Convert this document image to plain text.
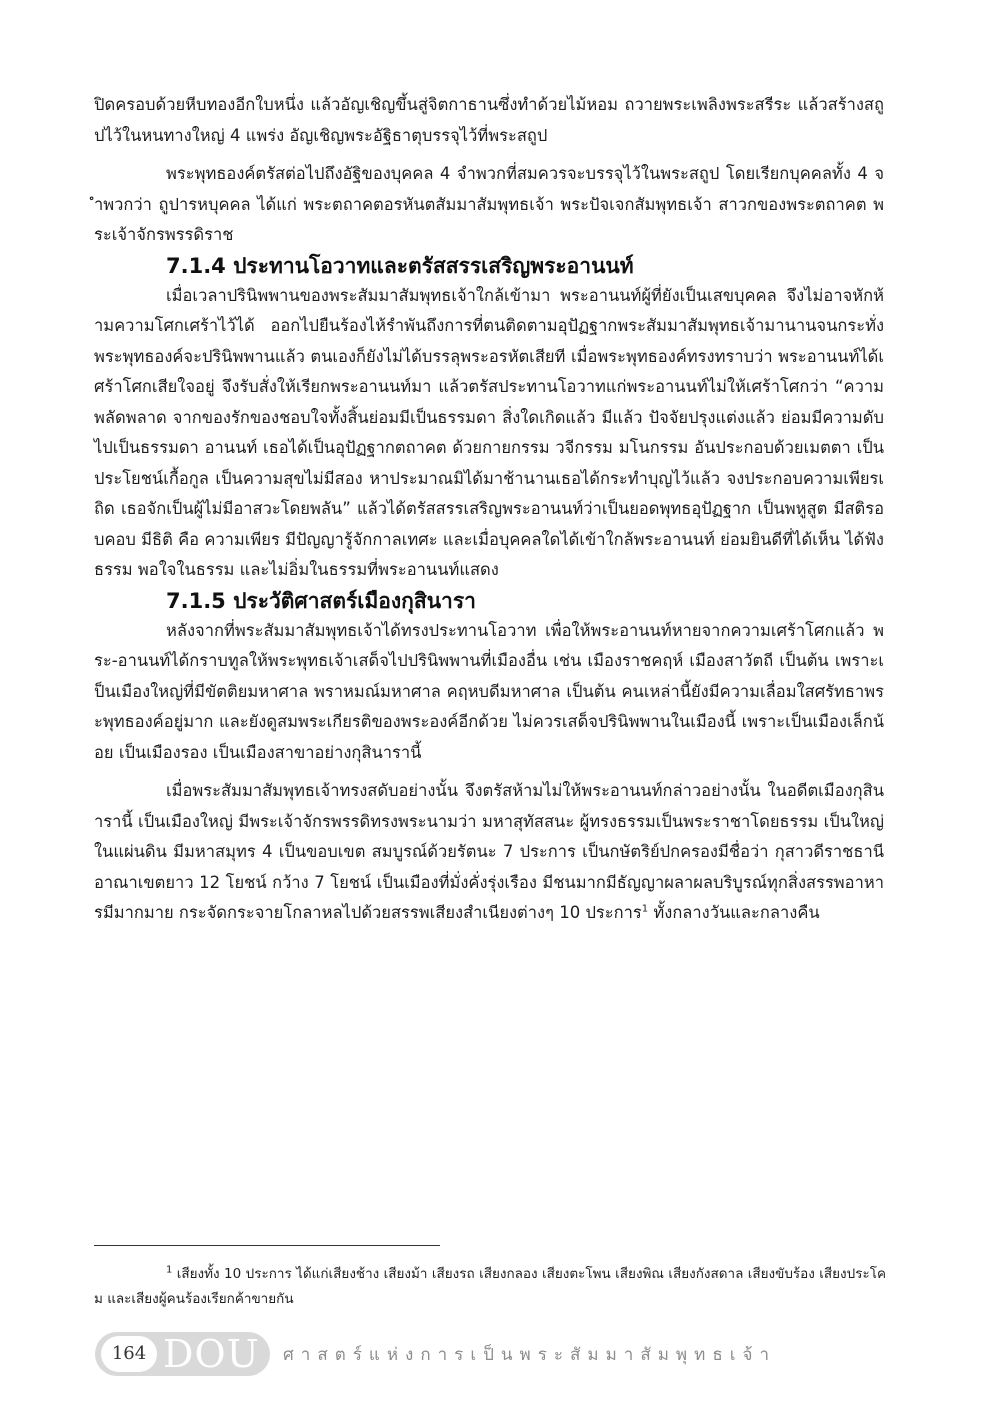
ปิดครอบด้วยหีบทองอีกใบหนึ่ง แล้วอัญเชิญขึ้นสู่จิตกาธานซึ่งทำด้วยไม้หอม ถวายพระเพลิงพระสรีระ แล้วสร้างสถูปไว้ในหนทางใหญ่ 4 แพร่ง อัญเชิญพระอัฐิธาตุบรรจุไว้ที่พระสถูป

พระพุทธองค์ตรัสต่อไปถึงอัฐิของบุคคล 4 จำพวกที่สมควรจะบรรจุไว้ในพระสถูป โดยเรียกบุคคลทั้ง 4 จำพวกว่า ถูปารหบุคคล ได้แก่ พระตถาคตอรหันตสัมมาสัมพุทธเจ้า พระปัจเจกสัมพุทธเจ้า สาวกของพระตถาคต พระเจ้าจักรพรรดิราช

7.1.4 ประทานโอวาทและตรัสสรรเสริญพระอานนท์

เมื่อเวลาปรินิพพานของพระสัมมาสัมพุทธเจ้าใกล้เข้ามา พระอานนท์ผู้ที่ยังเป็นเสขบุคคล จึงไม่อาจหักห้ามความโศกเศร้าไว้ได้ ออกไปยืนร้องไห้รำพันถึงการที่ตนติดตามอุปัฏฐากพระสัมมาสัมพุทธเจ้ามานานจนกระทั่งพระพุทธองค์จะปรินิพพานแล้ว ตนเองก็ยังไม่ได้บรรลุพระอรหัตเสียที เมื่อพระพุทธองค์ทรงทราบว่า พระอานนท์ได้เศร้าโศกเสียใจอยู่ จึงรับสั่งให้เรียกพระอานนท์มา แล้วตรัสประทานโอวาทแก่พระอานนท์ไม่ให้เศร้าโศกว่า “ความพลัดพลาด จากของรักของชอบใจทั้งสิ้นย่อมมีเป็นธรรมดา สิ่งใดเกิดแล้ว มีแล้ว ปัจจัยปรุงแต่งแล้ว ย่อมมีความดับไปเป็นธรรมดา อานนท์ เธอได้เป็นอุปัฏฐากตถาคต ด้วยกายกรรม วจีกรรม มโนกรรม อันประกอบด้วยเมตตา เป็นประโยชน์เกื้อกูล เป็นความสุขไม่มีสอง หาประมาณมิได้มาช้านานเธอได้กระทำบุญไว้แล้ว จงประกอบความเพียรเถิด เธอจักเป็นผู้ไม่มีอาสวะโดยพลัน” แล้วได้ตรัสสรรเสริญพระอานนท์ว่าเป็นยอดพุทธอุปัฏฐาก เป็นพหูสูต มีสติรอบคอบ มีธิติ คือ ความเพียร มีปัญญารู้จักกาลเทศะ และเมื่อบุคคลใดได้เข้าใกล้พระอานนท์ ย่อมยินดีที่ได้เห็น ได้ฟังธรรม พอใจในธรรม และไม่อิ่มในธรรมที่พระอานนท์แสดง

7.1.5 ประวัติศาสตร์เมืองกุสินารา

หลังจากที่พระสัมมาสัมพุทธเจ้าได้ทรงประทานโอวาท เพื่อให้พระอานนท์หายจากความเศร้าโศกแล้ว พระ-อานนท์ได้กราบทูลให้พระพุทธเจ้าเสด็จไปปรินิพพานที่เมืองอื่น เช่น เมืองราชคฤห์ เมืองสาวัตถี เป็นต้น เพราะเป็นเมืองใหญ่ที่มีขัตติยมหาศาล พราหมณ์มหาศาล คฤหบดีมหาศาล เป็นต้น คนเหล่านี้ยังมีความเลื่อมใสศรัทธาพระพุทธองค์อยู่มาก และยังดูสมพระเกียรติของพระองค์อีกด้วย ไม่ควรเสด็จปรินิพพานในเมืองนี้ เพราะเป็นเมืองเล็กน้อย เป็นเมืองรอง เป็นเมืองสาขาอย่างกุสินารานี้

เมื่อพระสัมมาสัมพุทธเจ้าทรงสดับอย่างนั้น จึงตรัสห้ามไม่ให้พระอานนท์กล่าวอย่างนั้น ในอดีตเมืองกุสินารานี้ เป็นเมืองใหญ่ มีพระเจ้าจักรพรรดิทรงพระนามว่า มหาสุทัสสนะ ผู้ทรงธรรมเป็นพระราชาโดยธรรม เป็นใหญ่ในแผ่นดิน มีมหาสมุทร 4 เป็นขอบเขต สมบูรณ์ด้วยรัตนะ 7 ประการ เป็นกษัตริย์ปกครองมีชื่อว่า กุสาวดีราชธานี อาณาเขตยาว 12 โยชน์ กว้าง 7 โยชน์ เป็นเมืองที่มั่งคั่งรุ่งเรือง มีชนมากมีธัญญาผลาผลบริบูรณ์ทุกสิ่งสรรพอาหารมีมากมาย กระจัดกระจายโกลาหลไปด้วยสรรพเสียงสำเนียงต่างๆ 10 ประการ$^1$ ทั้งกลางวันและกลางคืน

$^1$ เสียงทั้ง 10 ประการ ได้แก่เสียงช้าง เสียงม้า เสียงรถ เสียงกลอง เสียงตะโพน เสียงพิณ เสียงกังสดาล เสียงขับร้อง เสียงประโคม และเสียงผู้คนร้องเรียกค้าขายกัน
164 DOU ศาสตร์แห่งการเป็นพระสัมมาสัมพุทธเจ้า
